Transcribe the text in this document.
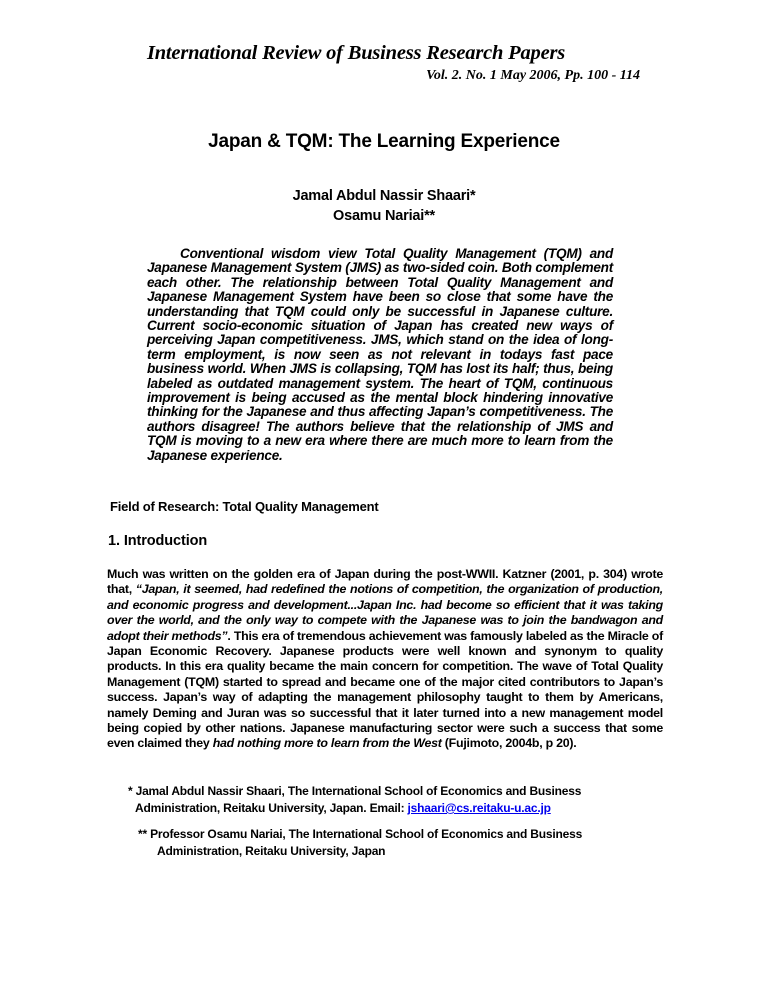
International Review of Business Research Papers
Vol. 2. No. 1 May 2006, Pp. 100 - 114
Japan & TQM: The Learning Experience
Jamal Abdul Nassir Shaari*
Osamu Nariai**

Conventional wisdom view Total Quality Management (TQM) and Japanese Management System (JMS) as two-sided coin. Both complement each other. The relationship between Total Quality Management and Japanese Management System have been so close that some have the understanding that TQM could only be successful in Japanese culture. Current socio-economic situation of Japan has created new ways of perceiving Japan competitiveness. JMS, which stand on the idea of long-term employment, is now seen as not relevant in todays fast pace business world. When JMS is collapsing, TQM has lost its half; thus, being labeled as outdated management system. The heart of TQM, continuous improvement is being accused as the mental block hindering innovative thinking for the Japanese and thus affecting Japan’s competitiveness. The authors disagree! The authors believe that the relationship of JMS and TQM is moving to a new era where there are much more to learn from the Japanese experience.

Field of Research: Total Quality Management
1. Introduction

Much was written on the golden era of Japan during the post-WWII. Katzner (2001, p. 304) wrote that, “Japan, it seemed, had redefined the notions of competition, the organization of production, and economic progress and development...Japan Inc. had become so efficient that it was taking over the world, and the only way to compete with the Japanese was to join the bandwagon and adopt their methods”. This era of tremendous achievement was famously labeled as the Miracle of Japan Economic Recovery. Japanese products were well known and synonym to quality products. In this era quality became the main concern for competition. The wave of Total Quality Management (TQM) started to spread and became one of the major cited contributors to Japan’s success. Japan’s way of adapting the management philosophy taught to them by Americans, namely Deming and Juran was so successful that it later turned into a new management model being copied by other nations. Japanese manufacturing sector were such a success that some even claimed they had nothing more to learn from the West (Fujimoto, 2004b, p 20).

* Jamal Abdul Nassir Shaari, The International School of Economics and Business
Administration, Reitaku University, Japan. Email: jshaari@cs.reitaku-u.ac.jp
** Professor Osamu Nariai, The International School of Economics and Business
Administration, Reitaku University, Japan
